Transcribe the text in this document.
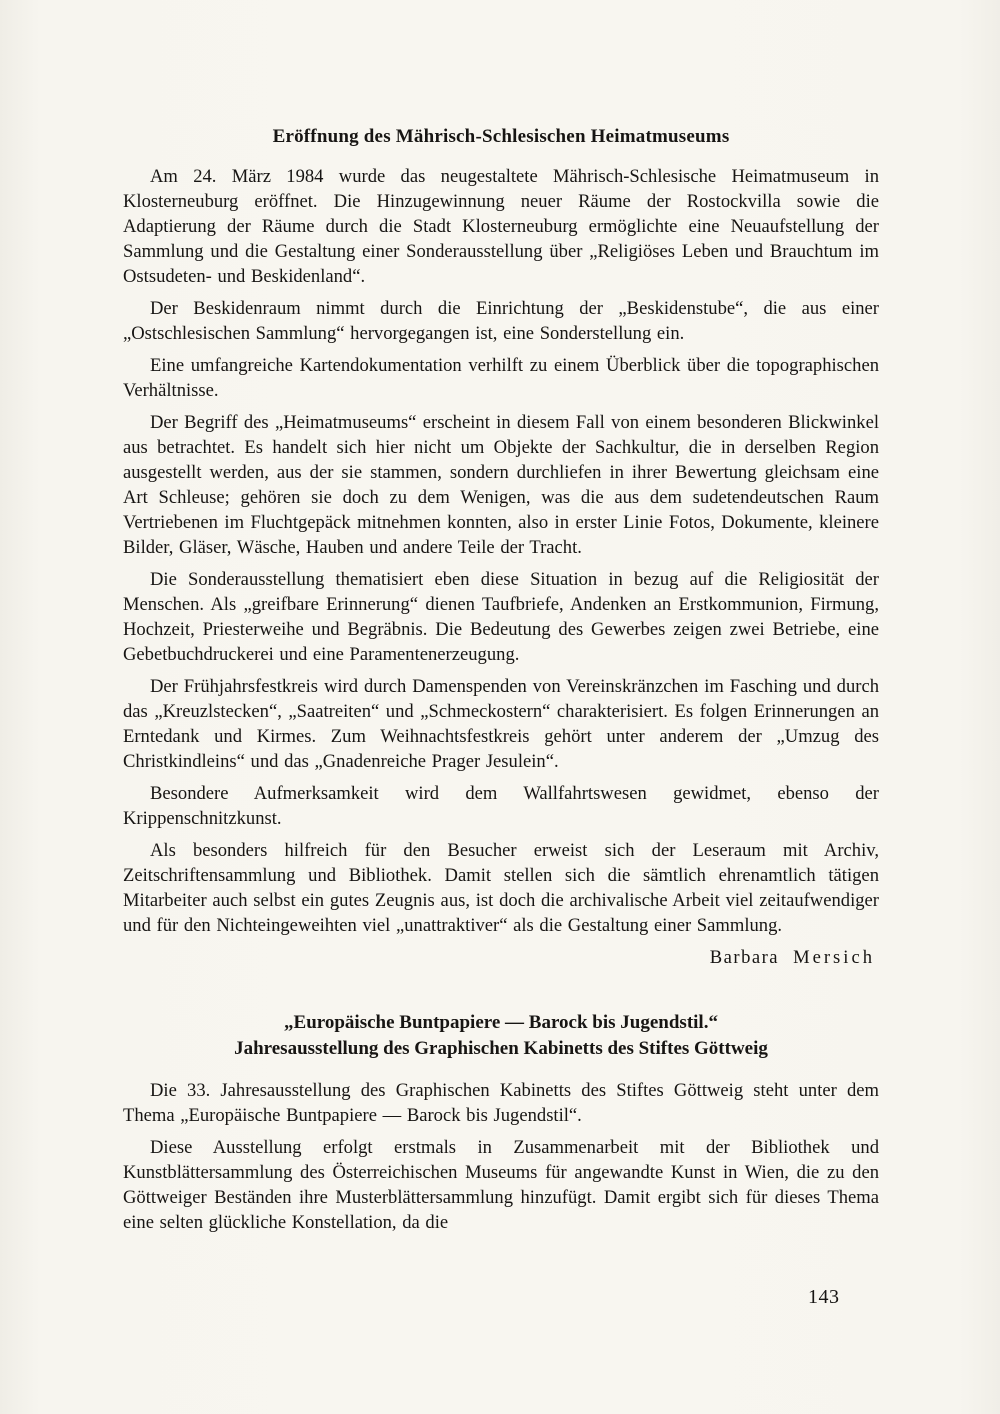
Eröffnung des Mährisch-Schlesischen Heimatmuseums

Am 24. März 1984 wurde das neugestaltete Mährisch-Schlesische Heimatmuseum in Klosterneuburg eröffnet. Die Hinzugewinnung neuer Räume der Rostockvilla sowie die Adaptierung der Räume durch die Stadt Klosterneuburg ermöglichte eine Neuaufstellung der Sammlung und die Gestaltung einer Sonderausstellung über „Religiöses Leben und Brauchtum im Ostsudeten- und Beskidenland“.

Der Beskidenraum nimmt durch die Einrichtung der „Beskidenstube“, die aus einer „Ostschlesischen Sammlung“ hervorgegangen ist, eine Sonderstellung ein.

Eine umfangreiche Kartendokumentation verhilft zu einem Überblick über die topographischen Verhältnisse.

Der Begriff des „Heimatmuseums“ erscheint in diesem Fall von einem besonderen Blickwinkel aus betrachtet. Es handelt sich hier nicht um Objekte der Sachkultur, die in derselben Region ausgestellt werden, aus der sie stammen, sondern durchliefen in ihrer Bewertung gleichsam eine Art Schleuse; gehören sie doch zu dem Wenigen, was die aus dem sudetendeutschen Raum Vertriebenen im Fluchtgepäck mitnehmen konnten, also in erster Linie Fotos, Dokumente, kleinere Bilder, Gläser, Wäsche, Hauben und andere Teile der Tracht.

Die Sonderausstellung thematisiert eben diese Situation in bezug auf die Religiosität der Menschen. Als „greifbare Erinnerung“ dienen Taufbriefe, Andenken an Erstkommunion, Firmung, Hochzeit, Priesterweihe und Begräbnis. Die Bedeutung des Gewerbes zeigen zwei Betriebe, eine Gebetbuchdruckerei und eine Paramentenerzeugung.

Der Frühjahrsfestkreis wird durch Damenspenden von Vereinskränzchen im Fasching und durch das „Kreuzlstecken“, „Saatreiten“ und „Schmeckostern“ charakterisiert. Es folgen Erinnerungen an Erntedank und Kirmes. Zum Weihnachtsfestkreis gehört unter anderem der „Umzug des Christkindleins“ und das „Gnadenreiche Prager Jesulein“.

Besondere Aufmerksamkeit wird dem Wallfahrtswesen gewidmet, ebenso der Krippenschnitzkunst.

Als besonders hilfreich für den Besucher erweist sich der Leseraum mit Archiv, Zeitschriftensammlung und Bibliothek. Damit stellen sich die sämtlich ehrenamtlich tätigen Mitarbeiter auch selbst ein gutes Zeugnis aus, ist doch die archivalische Arbeit viel zeitaufwendiger und für den Nichteingeweihten viel „unattraktiver“ als die Gestaltung einer Sammlung.

Barbara Mersich
„Europäische Buntpapiere — Barock bis Jugendstil.“
Jahresausstellung des Graphischen Kabinetts des Stiftes Göttweig

Die 33. Jahresausstellung des Graphischen Kabinetts des Stiftes Göttweig steht unter dem Thema „Europäische Buntpapiere — Barock bis Jugendstil“.

Diese Ausstellung erfolgt erstmals in Zusammenarbeit mit der Bibliothek und Kunstblättersammlung des Österreichischen Museums für angewandte Kunst in Wien, die zu den Göttweiger Beständen ihre Musterblättersammlung hinzufügt. Damit ergibt sich für dieses Thema eine selten glückliche Konstellation, da die

143
